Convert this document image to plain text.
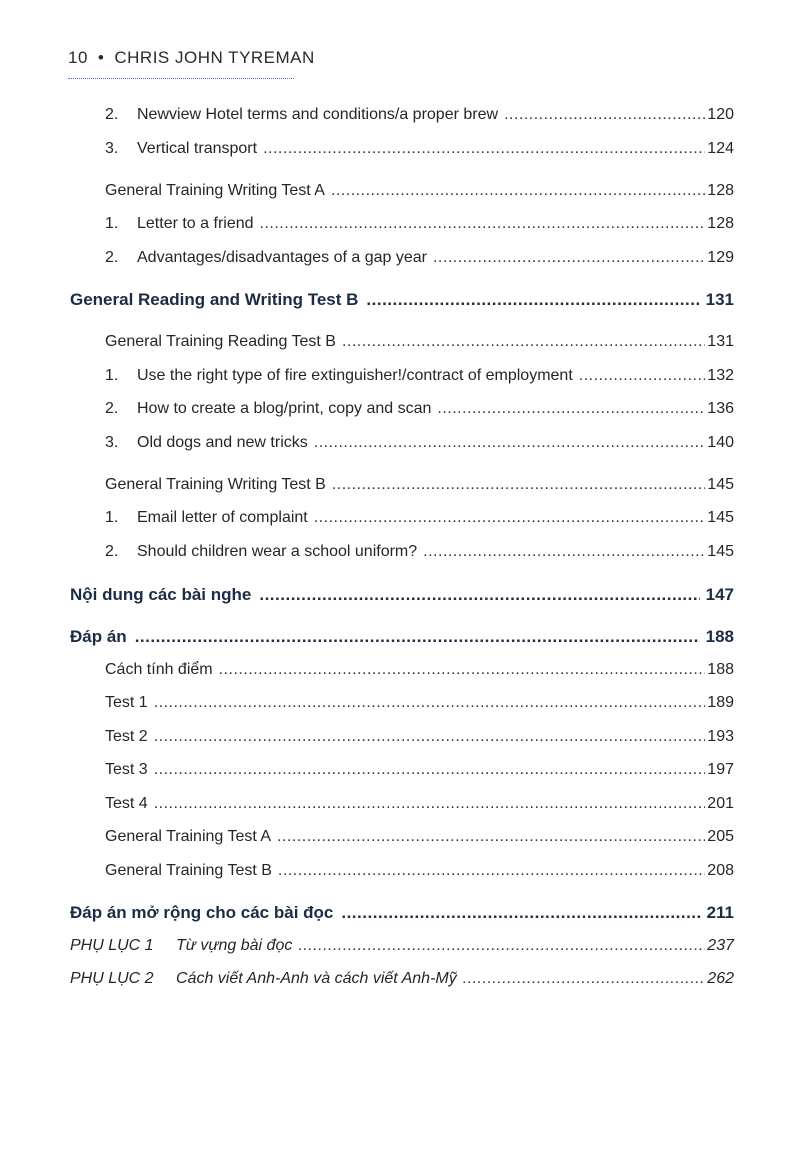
10 • CHRIS JOHN TYREMAN
2.	Newview Hotel terms and conditions/a proper brew .....	120
3.	Vertical transport .....	124
General Training Writing Test A .....	128
1.	Letter to a friend .....	128
2.	Advantages/disadvantages of a gap year .....	129
General Reading and Writing Test B .....	131
General Training Reading Test B .....	131
1.	Use the right type of fire extinguisher!/contract of employment .....	132
2.	How to create a blog/print, copy and scan .....	136
3.	Old dogs and new tricks .....	140
General Training Writing Test B .....	145
1.	Email letter of complaint .....	145
2.	Should children wear a school uniform? .....	145
Nội dung các bài nghe .....	147
Đáp án .....	188
Cách tính điểm .....	188
Test 1 .....	189
Test 2 .....	193
Test 3 .....	197
Test 4 .....	201
General Training Test A .....	205
General Training Test B .....	208
Đáp án mở rộng cho các bài đọc .....	211
PHỤ LỤC 1	Từ vựng bài đọc .....	237
PHỤ LỤC 2	Cách viết Anh-Anh và cách viết Anh-Mỹ .....	262
